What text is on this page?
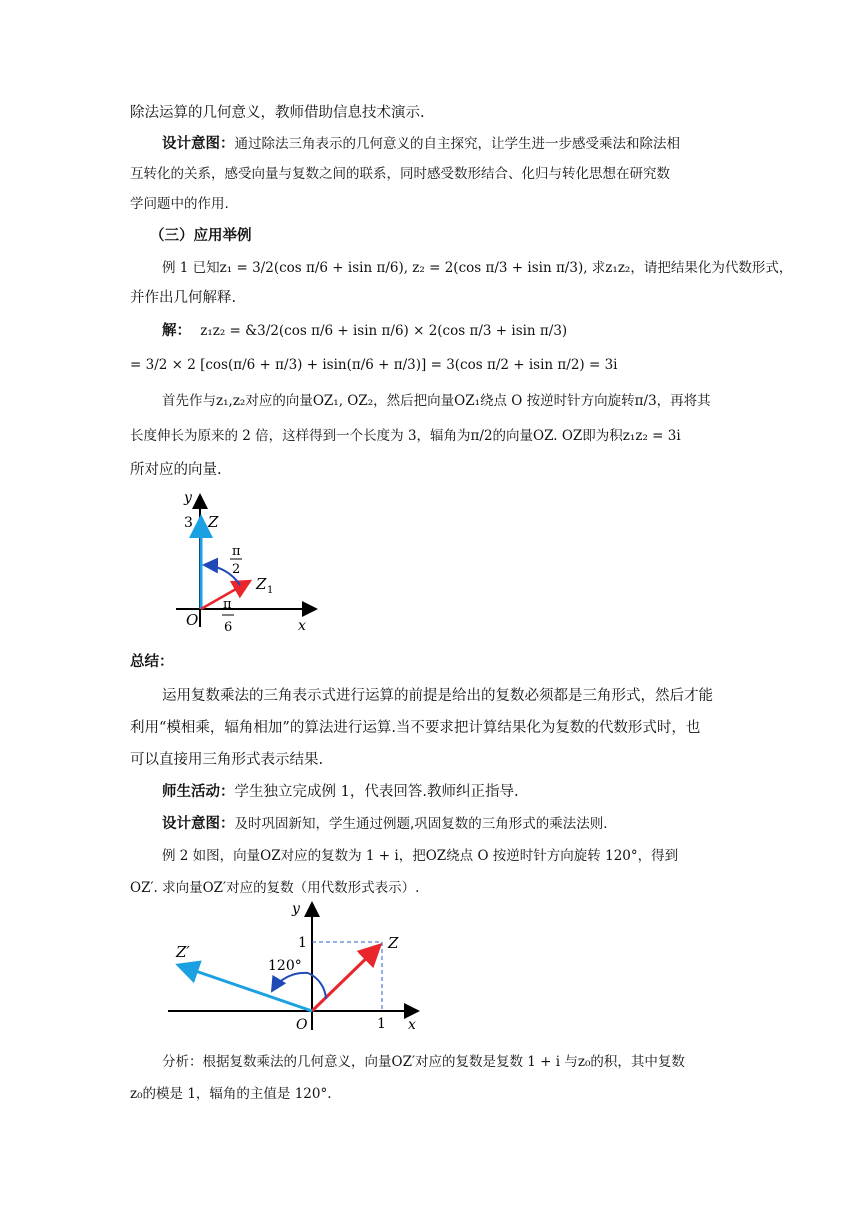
除法运算的几何意义，教师借助信息技术演示.
设计意图：通过除法三角表示的几何意义的自主探究，让学生进一步感受乘法和除法相
互转化的关系，感受向量与复数之间的联系，同时感受数形结合、化归与转化思想在研究数
学问题中的作用.
（三）应用举例
例 1 已知z₁ = 3/2(cos π/6 + isin π/6), z₂ = 2(cos π/3 + isin π/3), 求z₁z₂，请把结果化为代数形式，
并作出几何解释.
解： z₁z₂ = &3/2(cos π/6 + isin π/6) × 2(cos π/3 + isin π/3)
= 3/2 × 2 [cos(π/6 + π/3) + isin(π/6 + π/3)] = 3(cos π/2 + isin π/2) = 3i
首先作与z₁,z₂对应的向量OZ₁, OZ₂，然后把向量OZ₁绕点 O 按逆时针方向旋转π/3，再将其
长度伸长为原来的 2 倍，这样得到一个长度为 3，辐角为π/2的向量OZ. OZ即为积z₁z₂ = 3i
所对应的向量.
y
x
O
3 Z
Z 1
π
2
π
6
总结：
运用复数乘法的三角表示式进行运算的前提是给出的复数必须都是三角形式，然后才能
利用“模相乘，辐角相加”的算法进行运算.当不要求把计算结果化为复数的代数形式时，也
可以直接用三角形式表示结果.
师生活动：学生独立完成例 1，代表回答.教师纠正指导.
设计意图：及时巩固新知，学生通过例题,巩固复数的三角形式的乘法法则.
例 2 如图，向量OZ对应的复数为 1 + i，把OZ绕点 O 按逆时针方向旋转 120°，得到
OZ′. 求向量OZ′对应的复数（用代数形式表示）.
y
x
O
1
1
Z
Z′
120°
分析：根据复数乘法的几何意义，向量OZ′对应的复数是复数 1 + i 与z₀的积，其中复数
z₀的模是 1，辐角的主值是 120°.
